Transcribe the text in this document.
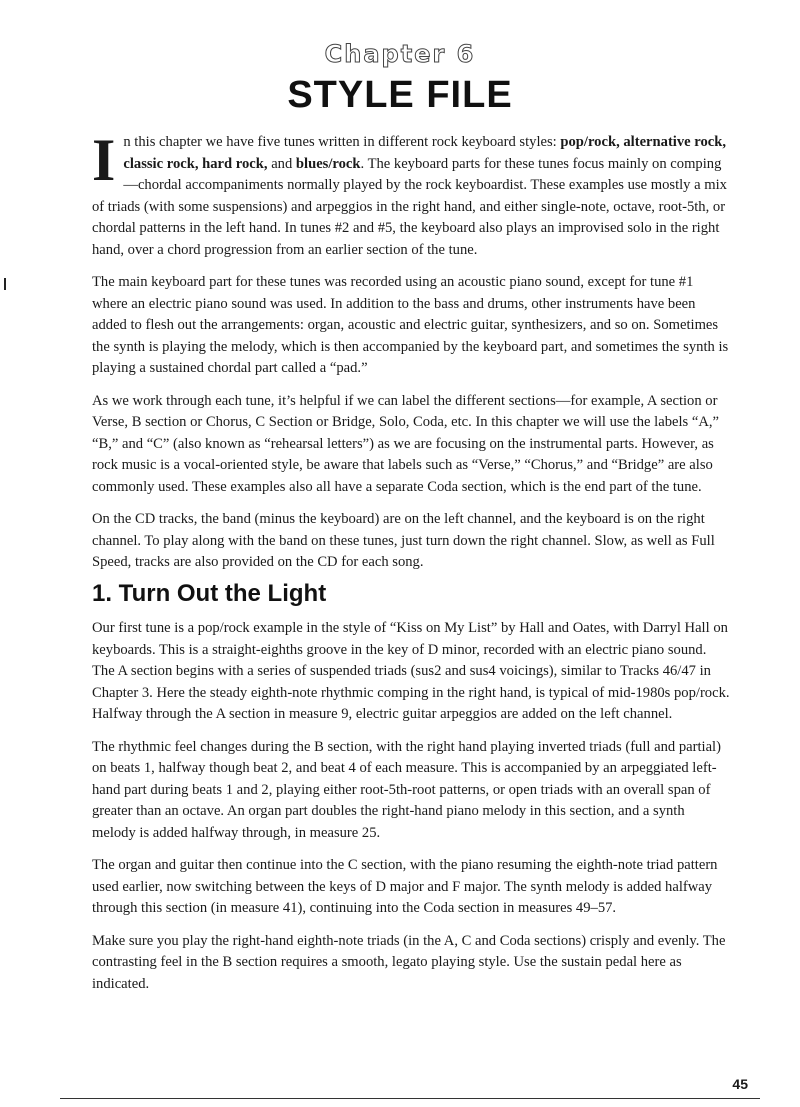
Chapter 6
STYLE FILE

I n this chapter we have five tunes written in different rock keyboard styles: pop/rock, alternative rock, classic rock, hard rock, and blues/rock. The keyboard parts for these tunes focus mainly on comping—chordal accompaniments normally played by the rock keyboardist. These examples use mostly a mix of triads (with some suspensions) and arpeggios in the right hand, and either single-note, octave, root-5th, or chordal patterns in the left hand. In tunes #2 and #5, the keyboard also plays an improvised solo in the right hand, over a chord progression from an earlier section of the tune.

The main keyboard part for these tunes was recorded using an acoustic piano sound, except for tune #1 where an electric piano sound was used. In addition to the bass and drums, other instruments have been added to flesh out the arrangements: organ, acoustic and electric guitar, synthesizers, and so on. Sometimes the synth is playing the melody, which is then accompanied by the keyboard part, and sometimes the synth is playing a sustained chordal part called a “pad.”

As we work through each tune, it’s helpful if we can label the different sections—for example, A section or Verse, B section or Chorus, C Section or Bridge, Solo, Coda, etc. In this chapter we will use the labels “A,” “B,” and “C” (also known as “rehearsal letters”) as we are focusing on the instrumental parts. However, as rock music is a vocal-oriented style, be aware that labels such as “Verse,” “Chorus,” and “Bridge” are also commonly used. These examples also all have a separate Coda section, which is the end part of the tune.

On the CD tracks, the band (minus the keyboard) are on the left channel, and the keyboard is on the right channel. To play along with the band on these tunes, just turn down the right channel. Slow, as well as Full Speed, tracks are also provided on the CD for each song.

1. Turn Out the Light

Our first tune is a pop/rock example in the style of “Kiss on My List” by Hall and Oates, with Darryl Hall on keyboards. This is a straight-eighths groove in the key of D minor, recorded with an electric piano sound. The A section begins with a series of suspended triads (sus2 and sus4 voicings), similar to Tracks 46/47 in Chapter 3. Here the steady eighth-note rhythmic comping in the right hand, is typical of mid-1980s pop/rock. Halfway through the A section in measure 9, electric guitar arpeggios are added on the left channel.

The rhythmic feel changes during the B section, with the right hand playing inverted triads (full and partial) on beats 1, halfway though beat 2, and beat 4 of each measure. This is accompanied by an arpeggiated left-hand part during beats 1 and 2, playing either root-5th-root patterns, or open triads with an overall span of greater than an octave. An organ part doubles the right-hand piano melody in this section, and a synth melody is added halfway through, in measure 25.

The organ and guitar then continue into the C section, with the piano resuming the eighth-note triad pattern used earlier, now switching between the keys of D major and F major. The synth melody is added halfway through this section (in measure 41), continuing into the Coda section in measures 49–57.

Make sure you play the right-hand eighth-note triads (in the A, C and Coda sections) crisply and evenly. The contrasting feel in the B section requires a smooth, legato playing style. Use the sustain pedal here as indicated.

45
